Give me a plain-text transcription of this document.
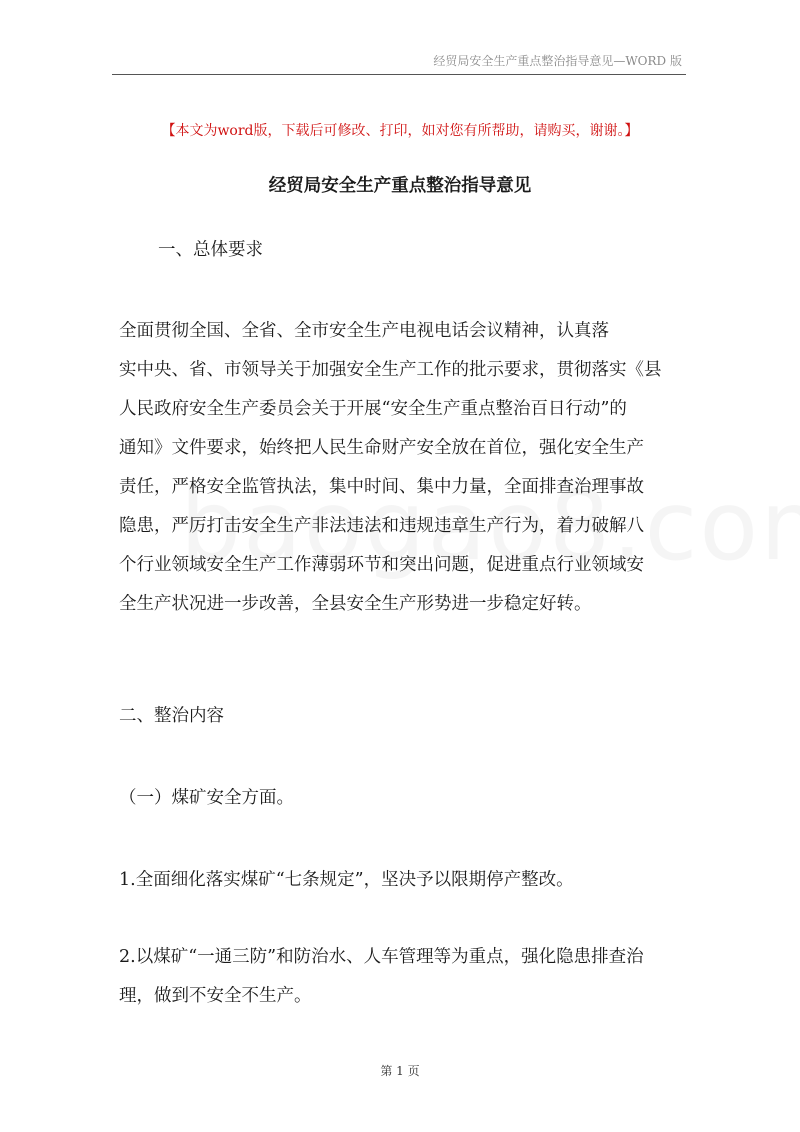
经贸局安全生产重点整治指导意见—WORD 版
【本文为word版，下载后可修改、打印，如对您有所帮助，请购买，谢谢。】
经贸局安全生产重点整治指导意见
一、总体要求

全面贯彻全国、全省、全市安全生产电视电话会议精神，认真落

实中央、省、市领导关于加强安全生产工作的批示要求，贯彻落实《县

人民政府安全生产委员会关于开展“安全生产重点整治百日行动”的

通知》文件要求，始终把人民生命财产安全放在首位，强化安全生产

责任，严格安全监管执法，集中时间、集中力量，全面排查治理事故

隐患，严厉打击安全生产非法违法和违规违章生产行为，着力破解八

个行业领域安全生产工作薄弱环节和突出问题，促进重点行业领域安

全生产状况进一步改善，全县安全生产形势进一步稳定好转。

二、整治内容
（一）煤矿安全方面。
1.全面细化落实煤矿“七条规定”，坚决予以限期停产整改。

2.以煤矿“一通三防”和防治水、人车管理等为重点，强化隐患排查治

理，做到不安全不生产。

第 1 页
